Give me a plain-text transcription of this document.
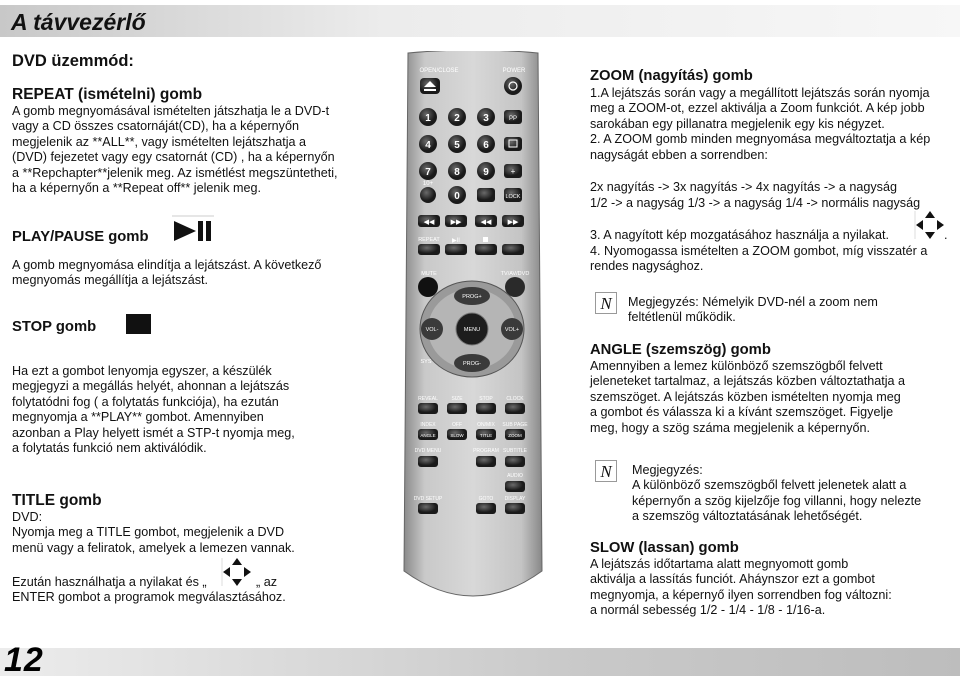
A távvezérlő
12
DVD üzemmód:
REPEAT (ismételni) gomb
A gomb megnyomásával ismételten játszhatja le a DVD-t
vagy a CD összes csatornáját(CD), ha a képernyőn
megjelenik az **ALL**, vagy ismételten lejátszhatja a
(DVD) fejezetet vagy egy csatornát (CD) , ha a képernyőn
a **Repchapter**jelenik meg. Az ismétlést megszüntetheti,
ha a képernyőn a **Repeat off** jelenik meg.
PLAY/PAUSE gomb
A gomb megnyomása elindítja a lejátszást. A következő
megnyomás megállítja a lejátszást.
STOP gomb
Ha ezt a gombot lenyomja egyszer, a készülék
megjegyzi a megállás helyét, ahonnan a lejátszás
folytatódni fog ( a folytatás funkciója), ha ezután
megnyomja a **PLAY** gombot. Amennyiben
azonban a Play helyett ismét a STP-t nyomja meg,
a folytatás funkció nem aktiválódik.
TITLE gomb
DVD:
Nyomja meg a TITLE gombot, megjelenik a DVD
menü vagy a feliratok, amelyek a lemezen vannak.
Ezután használhatja a nyilakat és „	„ az
ENTER gombot a programok megválasztásához.
OPEN/CLOSE	POWER
1 2 3
4 5 6
7 8 9
0
10+
PP
+
LOCK
◀◀ ▶▶	◀◀ ▶▶
REPEAT ▶II
MUTE	TV/AV/DVD
PROG+
PROG-
VOL-	VOL+
MENU
SYS
REVEAL	SIZE	STOP	CLOCK
INDEX	OFF	ON/MIX SUB PAGE
ANGLE	SLOW	TITLE	ZOOM
DVD MENU	PROGRAM SUBTITLE
AUDIO
DVD SETUP	GOTO DISPLAY
ZOOM (nagyítás) gomb
1.A lejátszás során vagy a megállított lejátszás során nyomja
meg a ZOOM-ot, ezzel aktiválja a Zoom funkciót. A kép jobb
sarokában egy pillanatra megjelenik egy kis négyzet.
2. A ZOOM gomb minden megnyomása megváltoztatja a kép
nagyságát ebben a sorrendben:
2x nagyítás -> 3x nagyítás -> 4x nagyítás -> a nagyság
1/2 -> a nagyság 1/3 -> a nagyság 1/4 -> normális nagyság
3. A nagyított kép mozgatásához használja a nyilakat.	.
4. Nyomogassa ismételten a ZOOM gombot, míg visszatér a
rendes nagysághoz.
N Megjegyzés: Némelyik DVD-nél a zoom nem
feltétlenül működik.
ANGLE (szemszög) gomb
Amennyiben a lemez különböző szemszögből felvett
jeleneteket tartalmaz, a lejátszás közben változtathatja a
szemszöget. A lejátszás közben ismételten nyomja meg
a gombot és válassza ki a kívánt szemszöget. Figyelje
meg, hogy a szög száma megjelenik a képernyőn.
N Megjegyzés:
A különböző szemszögből felvett jelenetek alatt a
képernyőn a szög kijelzője fog villanni, hogy nelezte
a szemszög változtatásának lehetőségét.
SLOW (lassan) gomb
A lejátszás időtartama alatt megnyomott gomb
aktiválja a lassítás funciót. Aháynszor ezt a gombot
megnyomja, a képernyő ilyen sorrendben fog változni:
a normál sebesség 1/2 - 1/4 - 1/8 - 1/16-a.
